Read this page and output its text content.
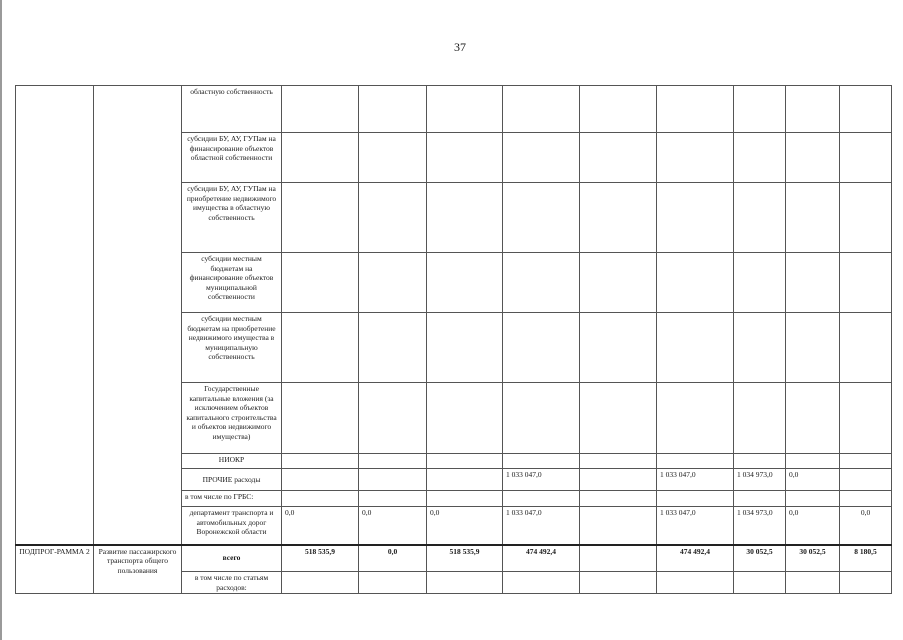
37
		областную собственность									
		субсидии БУ, АУ, ГУПам на финансирование объектов областной собственности									
		субсидии БУ, АУ, ГУПам на приобретение недвижимого имущества в областную собственность									
		субсидии местным бюджетам на финансирование объектов муниципальной собственности									
		субсидии местным бюджетам на приобретение недвижимого имущества в муниципальную собственность									
		Государственные капитальные вложения (за исключением объектов капитального строительства и объектов недвижимого имущества)									
		НИОКР									
		ПРОЧИЕ расходы				1 033 047,0		1 033 047,0	1 034 973,0	0,0	
		в том числе по ГРБС:									
		департамент транспорта и автомобильных дорог Воронежской области	0,0	0,0	0,0	1 033 047,0		1 033 047,0	1 034 973,0	0,0	0,0
ПОДПРОГ-РАММА 2	Развитие пассажирского транспорта общего пользования	всего	518 535,9	0,0	518 535,9	474 492,4		474 492,4	30 052,5	30 052,5	8 180,5
		в том числе по статьям расходов:									
